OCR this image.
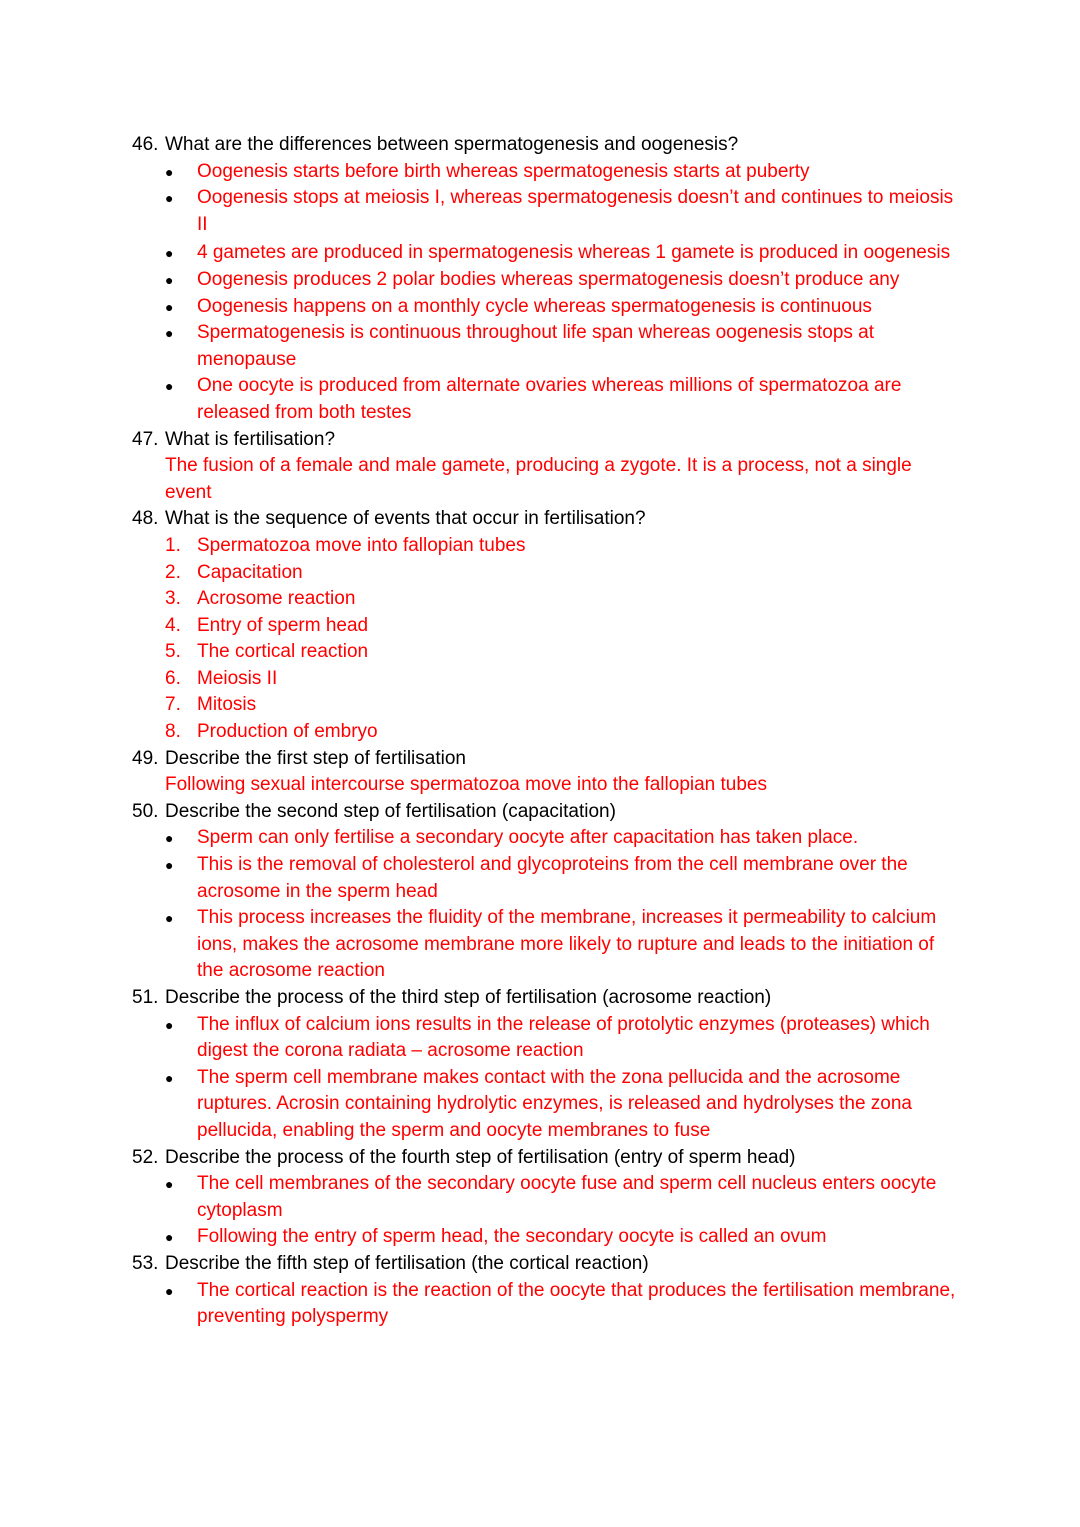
46. What are the differences between spermatogenesis and oogenesis?
●	Oogenesis starts before birth whereas spermatogenesis starts at puberty
●	Oogenesis stops at meiosis I, whereas spermatogenesis doesn’t and continues to meiosis II
●	4 gametes are produced in spermatogenesis whereas 1 gamete is produced in oogenesis
●	Oogenesis produces 2 polar bodies whereas spermatogenesis doesn’t produce any
●	Oogenesis happens on a monthly cycle whereas spermatogenesis is continuous
●	Spermatogenesis is continuous throughout life span whereas oogenesis stops at menopause
●	One oocyte is produced from alternate ovaries whereas millions of spermatozoa are released from both testes
47. What is fertilisation?
The fusion of a female and male gamete, producing a zygote. It is a process, not a single event
48. What is the sequence of events that occur in fertilisation?
1. Spermatozoa move into fallopian tubes
2. Capacitation
3. Acrosome reaction
4. Entry of sperm head
5. The cortical reaction
6. Meiosis II
7. Mitosis
8. Production of embryo
49. Describe the first step of fertilisation
Following sexual intercourse spermatozoa move into the fallopian tubes
50. Describe the second step of fertilisation (capacitation)
●	Sperm can only fertilise a secondary oocyte after capacitation has taken place.
●	This is the removal of cholesterol and glycoproteins from the cell membrane over the acrosome in the sperm head
●	This process increases the fluidity of the membrane, increases it permeability to calcium ions, makes the acrosome membrane more likely to rupture and leads to the initiation of the acrosome reaction
51. Describe the process of the third step of fertilisation (acrosome reaction)
●	The influx of calcium ions results in the release of protolytic enzymes (proteases) which digest the corona radiata – acrosome reaction
●	The sperm cell membrane makes contact with the zona pellucida and the acrosome ruptures. Acrosin containing hydrolytic enzymes, is released and hydrolyses the zona pellucida, enabling the sperm and oocyte membranes to fuse
52. Describe the process of the fourth step of fertilisation (entry of sperm head)
●	The cell membranes of the secondary oocyte fuse and sperm cell nucleus enters oocyte cytoplasm
●	Following the entry of sperm head, the secondary oocyte is called an ovum
53. Describe the fifth step of fertilisation (the cortical reaction)
●	The cortical reaction is the reaction of the oocyte that produces the fertilisation membrane, preventing polyspermy
